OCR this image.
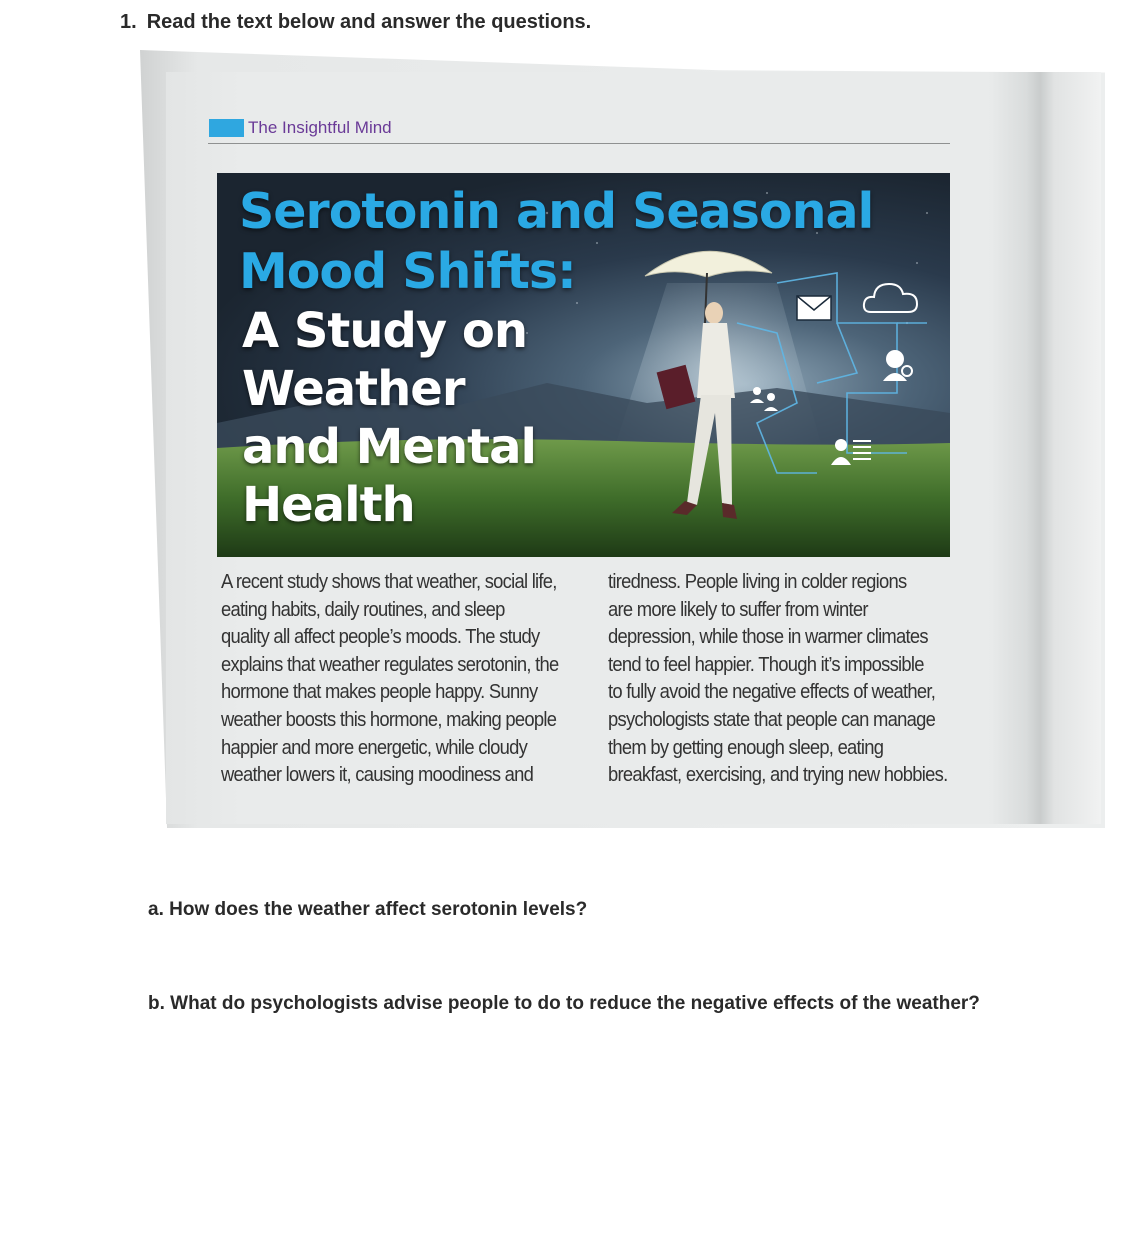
1. Read the text below and answer the questions.
The Insightful Mind
Serotonin and Seasonal
Mood Shifts:
A Study on
Weather
and Mental
Health
A recent study shows that weather, social life,
eating habits, daily routines, and sleep
quality all affect people’s moods. The study
explains that weather regulates serotonin, the
hormone that makes people happy. Sunny
weather boosts this hormone, making people
happier and more energetic, while cloudy
weather lowers it, causing moodiness and
tiredness. People living in colder regions
are more likely to suffer from winter
depression, while those in warmer climates
tend to feel happier. Though it’s impossible
to fully avoid the negative effects of weather,
psychologists state that people can manage
them by getting enough sleep, eating
breakfast, exercising, and trying new hobbies.
a. How does the weather affect serotonin levels?
b. What do psychologists advise people to do to reduce the negative effects of the weather?
